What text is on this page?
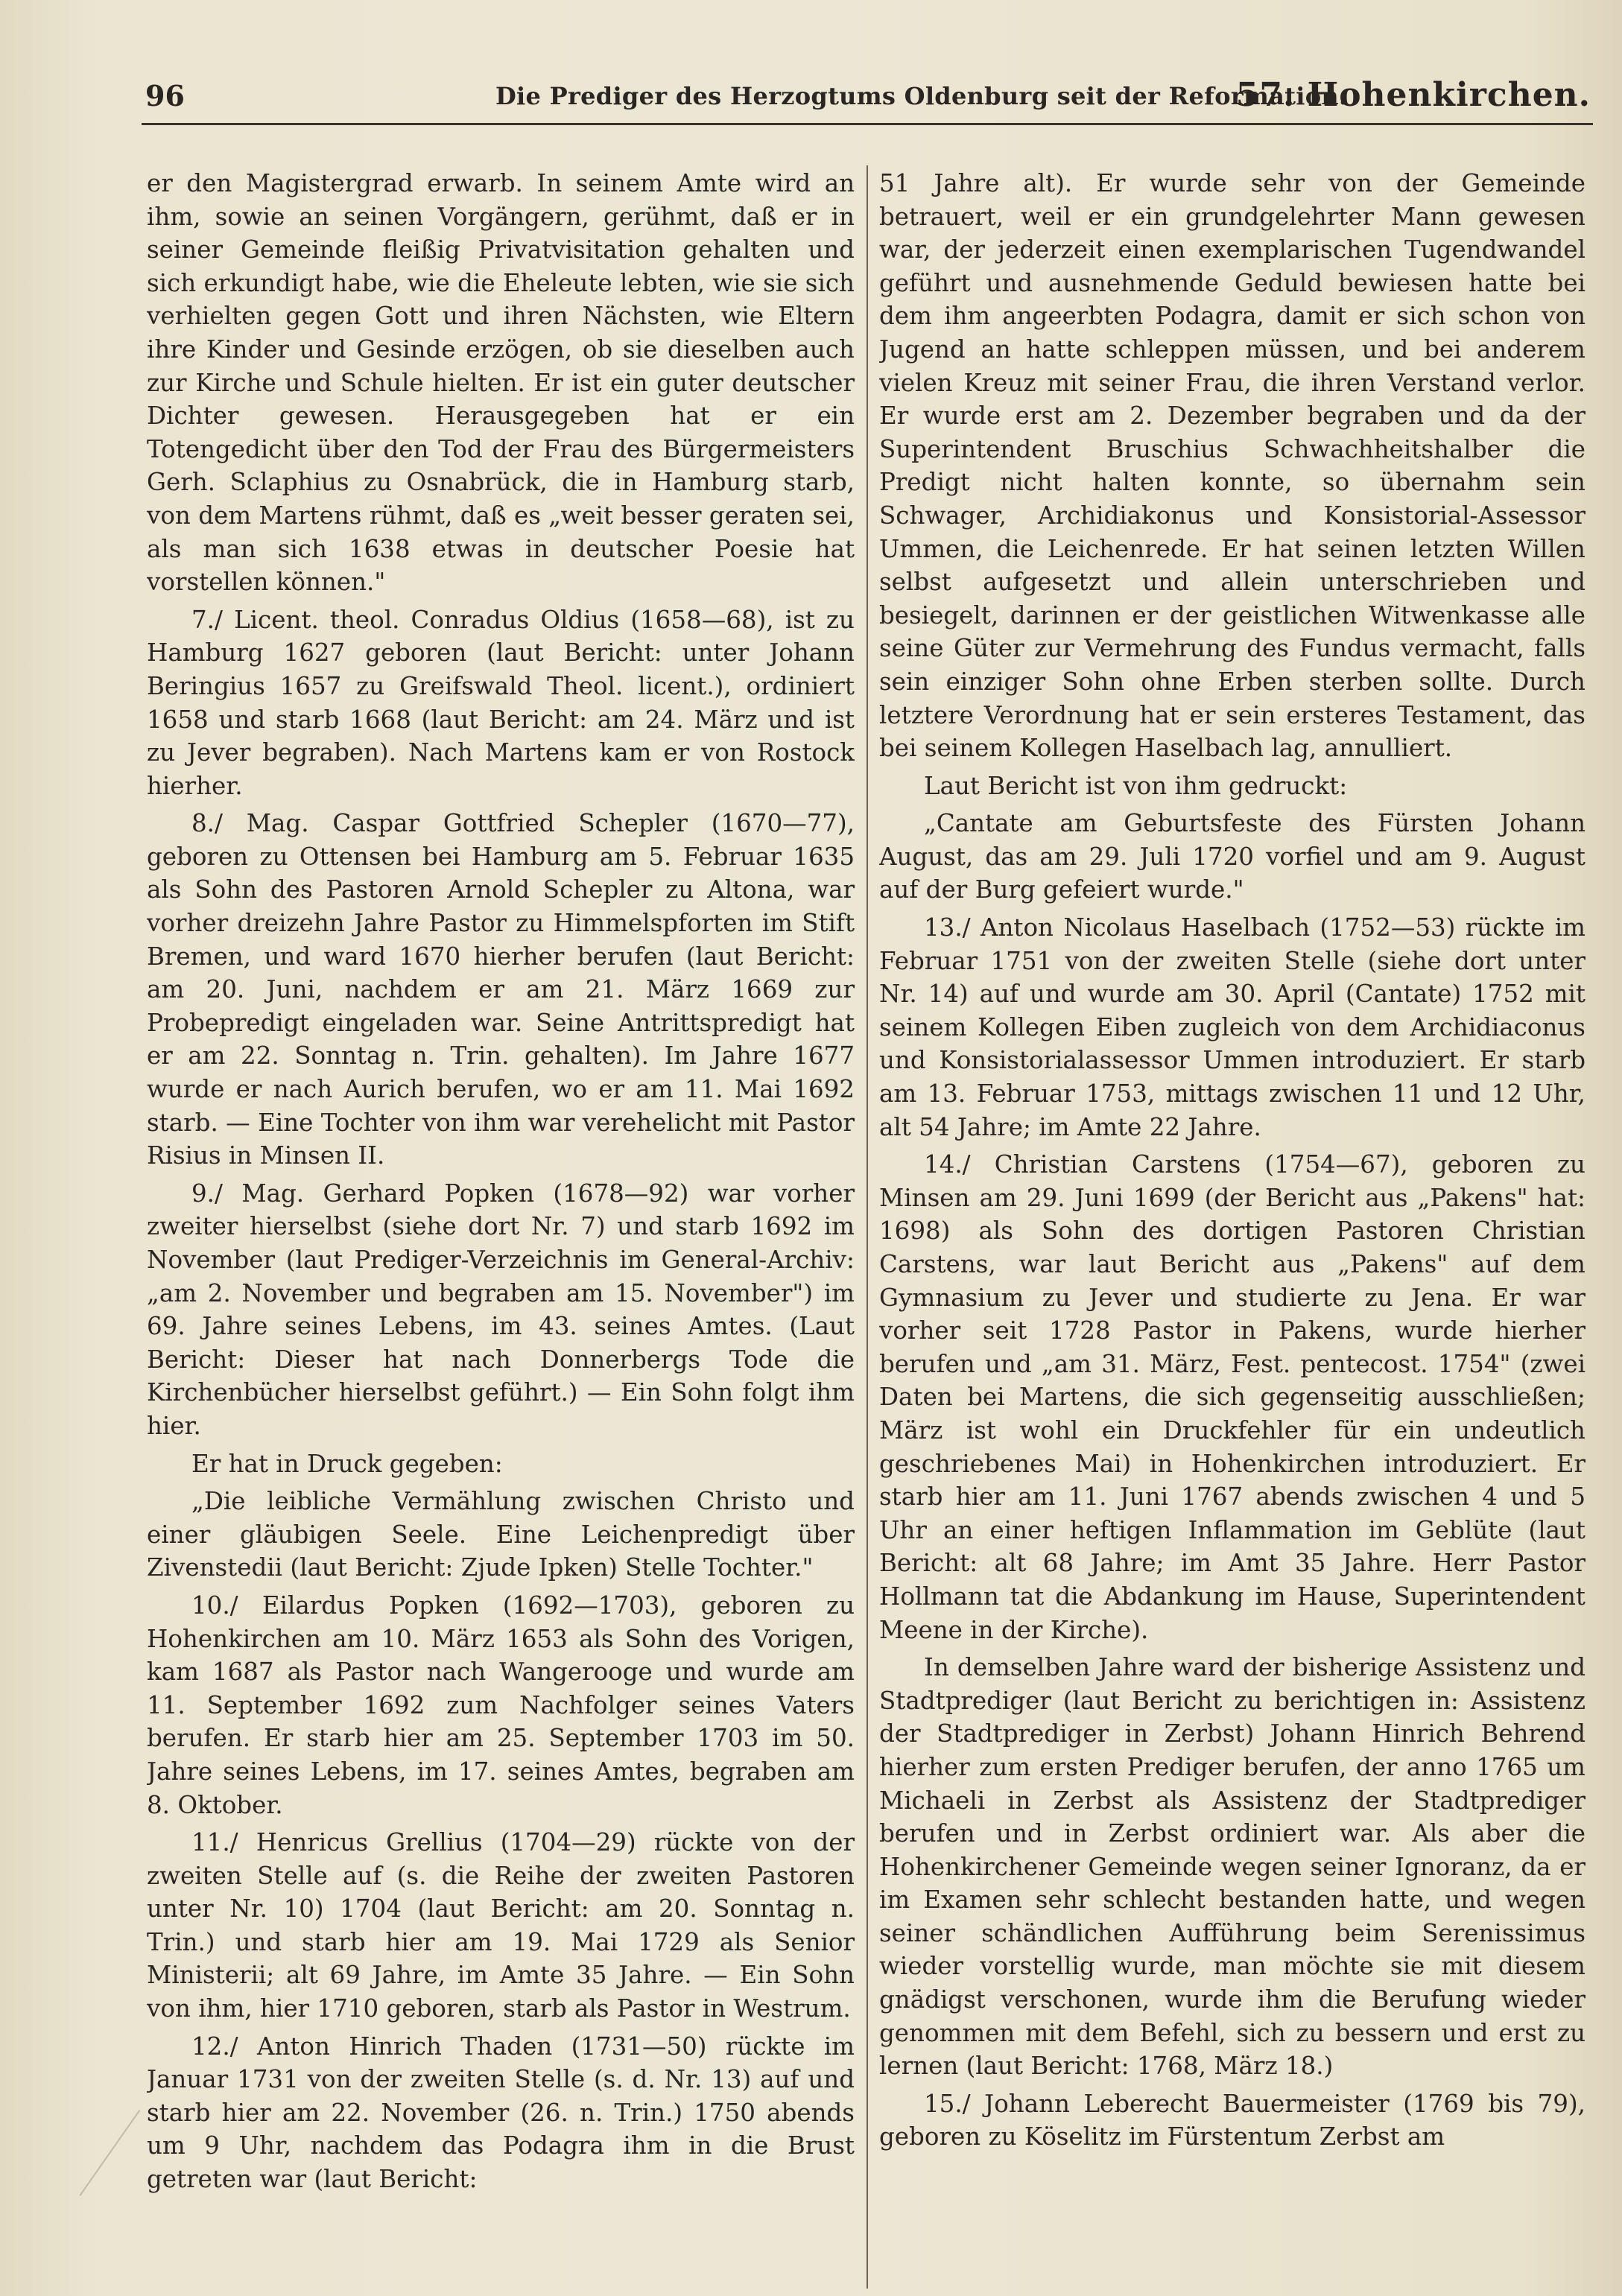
96	Die Prediger des Herzogtums Oldenburg seit der Reformation.
57. Hohenkirchen.

er den Magistergrad erwarb. In seinem Amte wird an ihm, sowie an seinen Vorgängern, gerühmt, daß er in seiner Gemeinde fleißig Privatvisitation gehalten und sich erkundigt habe, wie die Eheleute lebten, wie sie sich verhielten gegen Gott und ihren Nächsten, wie Eltern ihre Kinder und Gesinde erzögen, ob sie dieselben auch zur Kirche und Schule hielten. Er ist ein guter deutscher Dichter gewesen. Herausgegeben hat er ein Totengedicht über den Tod der Frau des Bürgermeisters Gerh. Sclaphius zu Osnabrück, die in Hamburg starb, von dem Martens rühmt, daß es „weit besser geraten sei, als man sich 1638 etwas in deutscher Poesie hat vorstellen können."

7./ Licent. theol. Conradus Oldius (1658—68), ist zu Hamburg 1627 geboren (laut Bericht: unter Johann Beringius 1657 zu Greifswald Theol. licent.), ordiniert 1658 und starb 1668 (laut Bericht: am 24. März und ist zu Jever begraben). Nach Martens kam er von Rostock hierher.

8./ Mag. Caspar Gottfried Schepler (1670—77), geboren zu Ottensen bei Hamburg am 5. Februar 1635 als Sohn des Pastoren Arnold Schepler zu Altona, war vorher dreizehn Jahre Pastor zu Himmelspforten im Stift Bremen, und ward 1670 hierher berufen (laut Bericht: am 20. Juni, nachdem er am 21. März 1669 zur Probepredigt eingeladen war. Seine Antrittspredigt hat er am 22. Sonntag n. Trin. gehalten). Im Jahre 1677 wurde er nach Aurich berufen, wo er am 11. Mai 1692 starb. — Eine Tochter von ihm war verehelicht mit Pastor Risius in Minsen II.

9./ Mag. Gerhard Popken (1678—92) war vorher zweiter hierselbst (siehe dort Nr. 7) und starb 1692 im November (laut Prediger-Verzeichnis im General-Archiv: „am 2. November und begraben am 15. November") im 69. Jahre seines Lebens, im 43. seines Amtes. (Laut Bericht: Dieser hat nach Donnerbergs Tode die Kirchenbücher hierselbst geführt.) — Ein Sohn folgt ihm hier.

Er hat in Druck gegeben:

„Die leibliche Vermählung zwischen Christo und einer gläubigen Seele. Eine Leichenpredigt über Zivenstedii (laut Bericht: Zjude Ipken) Stelle Tochter."

10./ Eilardus Popken (1692—1703), geboren zu Hohenkirchen am 10. März 1653 als Sohn des Vorigen, kam 1687 als Pastor nach Wangerooge und wurde am 11. September 1692 zum Nachfolger seines Vaters berufen. Er starb hier am 25. September 1703 im 50. Jahre seines Lebens, im 17. seines Amtes, begraben am 8. Oktober.

11./ Henricus Grellius (1704—29) rückte von der zweiten Stelle auf (s. die Reihe der zweiten Pastoren unter Nr. 10) 1704 (laut Bericht: am 20. Sonntag n. Trin.) und starb hier am 19. Mai 1729 als Senior Ministerii; alt 69 Jahre, im Amte 35 Jahre. — Ein Sohn von ihm, hier 1710 geboren, starb als Pastor in Westrum.

12./ Anton Hinrich Thaden (1731—50) rückte im Januar 1731 von der zweiten Stelle (s. d. Nr. 13) auf und starb hier am 22. November (26. n. Trin.) 1750 abends um 9 Uhr, nachdem das Podagra ihm in die Brust getreten war (laut Bericht:

51 Jahre alt). Er wurde sehr von der Gemeinde betrauert, weil er ein grundgelehrter Mann gewesen war, der jederzeit einen exemplarischen Tugendwandel geführt und ausnehmende Geduld bewiesen hatte bei dem ihm angeerbten Podagra, damit er sich schon von Jugend an hatte schleppen müssen, und bei anderem vielen Kreuz mit seiner Frau, die ihren Verstand verlor. Er wurde erst am 2. Dezember begraben und da der Superintendent Bruschius Schwachheitshalber die Predigt nicht halten konnte, so übernahm sein Schwager, Archidiakonus und Konsistorial-Assessor Ummen, die Leichenrede. Er hat seinen letzten Willen selbst aufgesetzt und allein unterschrieben und besiegelt, darinnen er der geistlichen Witwenkasse alle seine Güter zur Vermehrung des Fundus vermacht, falls sein einziger Sohn ohne Erben sterben sollte. Durch letztere Verordnung hat er sein ersteres Testament, das bei seinem Kollegen Haselbach lag, annulliert.

Laut Bericht ist von ihm gedruckt:

„Cantate am Geburtsfeste des Fürsten Johann August, das am 29. Juli 1720 vorfiel und am 9. August auf der Burg gefeiert wurde."

13./ Anton Nicolaus Haselbach (1752—53) rückte im Februar 1751 von der zweiten Stelle (siehe dort unter Nr. 14) auf und wurde am 30. April (Cantate) 1752 mit seinem Kollegen Eiben zugleich von dem Archidiaconus und Konsistorialassessor Ummen introduziert. Er starb am 13. Februar 1753, mittags zwischen 11 und 12 Uhr, alt 54 Jahre; im Amte 22 Jahre.

14./ Christian Carstens (1754—67), geboren zu Minsen am 29. Juni 1699 (der Bericht aus „Pakens" hat: 1698) als Sohn des dortigen Pastoren Christian Carstens, war laut Bericht aus „Pakens" auf dem Gymnasium zu Jever und studierte zu Jena. Er war vorher seit 1728 Pastor in Pakens, wurde hierher berufen und „am 31. März, Fest. pentecost. 1754" (zwei Daten bei Martens, die sich gegenseitig ausschließen; März ist wohl ein Druckfehler für ein undeutlich geschriebenes Mai) in Hohenkirchen introduziert. Er starb hier am 11. Juni 1767 abends zwischen 4 und 5 Uhr an einer heftigen Inflammation im Geblüte (laut Bericht: alt 68 Jahre; im Amt 35 Jahre. Herr Pastor Hollmann tat die Abdankung im Hause, Superintendent Meene in der Kirche).

In demselben Jahre ward der bisherige Assistenz und Stadtprediger (laut Bericht zu berichtigen in: Assistenz der Stadtprediger in Zerbst) Johann Hinrich Behrend hierher zum ersten Prediger berufen, der anno 1765 um Michaeli in Zerbst als Assistenz der Stadtprediger berufen und in Zerbst ordiniert war. Als aber die Hohenkirchener Gemeinde wegen seiner Ignoranz, da er im Examen sehr schlecht bestanden hatte, und wegen seiner schändlichen Aufführung beim Serenissimus wieder vorstellig wurde, man möchte sie mit diesem gnädigst verschonen, wurde ihm die Berufung wieder genommen mit dem Befehl, sich zu bessern und erst zu lernen (laut Bericht: 1768, März 18.)

15./ Johann Leberecht Bauermeister (1769 bis 79), geboren zu Köselitz im Fürstentum Zerbst am
